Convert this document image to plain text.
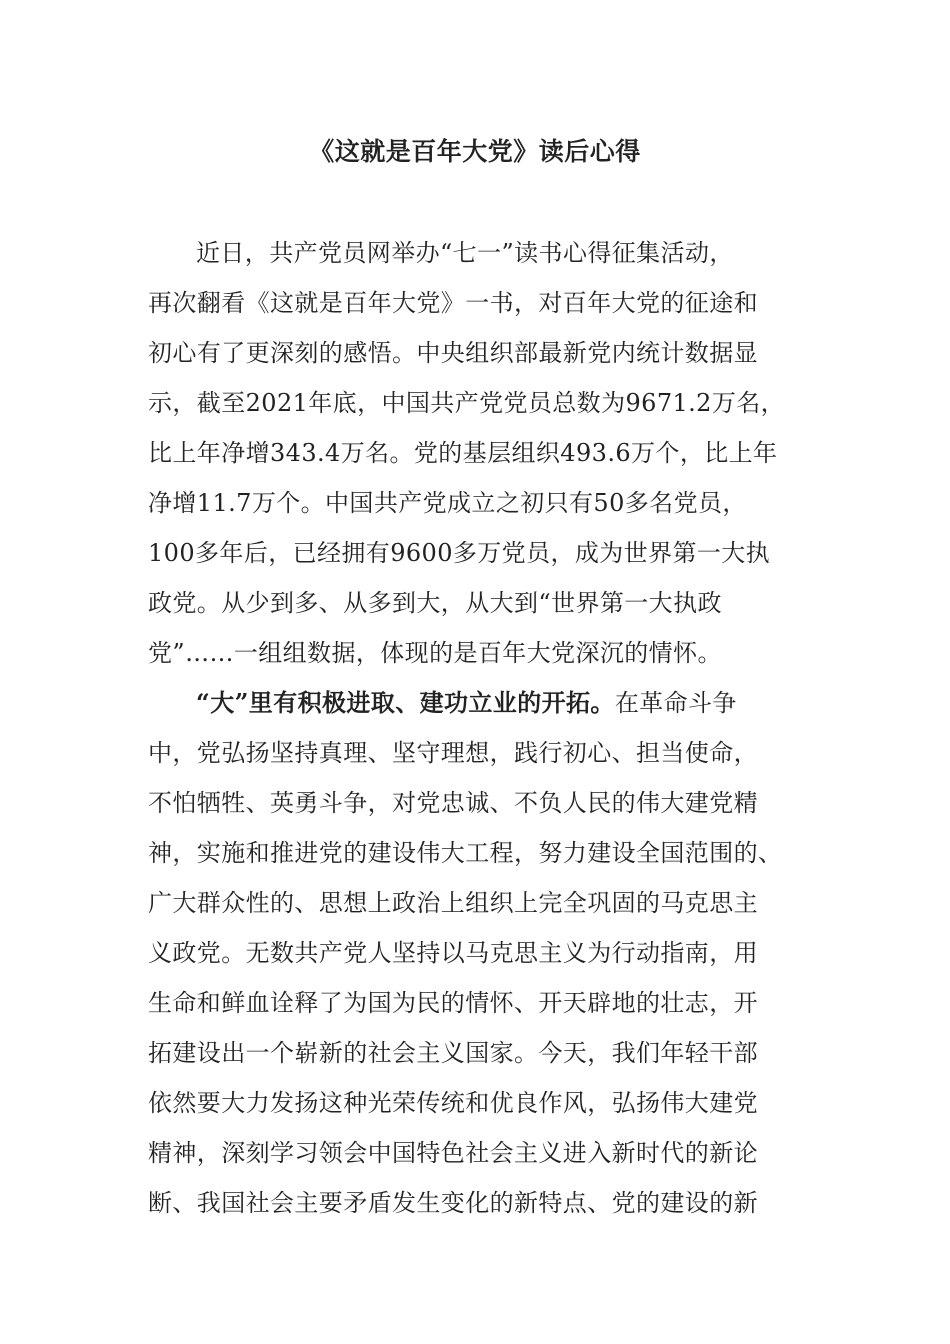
《这就是百年大党》读后心得
近日，共产党员网举办“七一”读书心得征集活动，
再次翻看《这就是百年大党》一书，对百年大党的征途和
初心有了更深刻的感悟。中央组织部最新党内统计数据显
示，截至2021年底，中国共产党党员总数为9671.2万名，
比上年净增343.4万名。党的基层组织493.6万个，比上年
净增11.7万个。中国共产党成立之初只有50多名党员，
100多年后，已经拥有9600多万党员，成为世界第一大执
政党。从少到多、从多到大，从大到“世界第一大执政
党”……一组组数据，体现的是百年大党深沉的情怀。
“大”里有积极进取、建功立业的开拓。在革命斗争
中，党弘扬坚持真理、坚守理想，践行初心、担当使命，
不怕牺牲、英勇斗争，对党忠诚、不负人民的伟大建党精
神，实施和推进党的建设伟大工程，努力建设全国范围的、
广大群众性的、思想上政治上组织上完全巩固的马克思主
义政党。无数共产党人坚持以马克思主义为行动指南，用
生命和鲜血诠释了为国为民的情怀、开天辟地的壮志，开
拓建设出一个崭新的社会主义国家。今天，我们年轻干部
依然要大力发扬这种光荣传统和优良作风，弘扬伟大建党
精神，深刻学习领会中国特色社会主义进入新时代的新论
断、我国社会主要矛盾发生变化的新特点、党的建设的新
